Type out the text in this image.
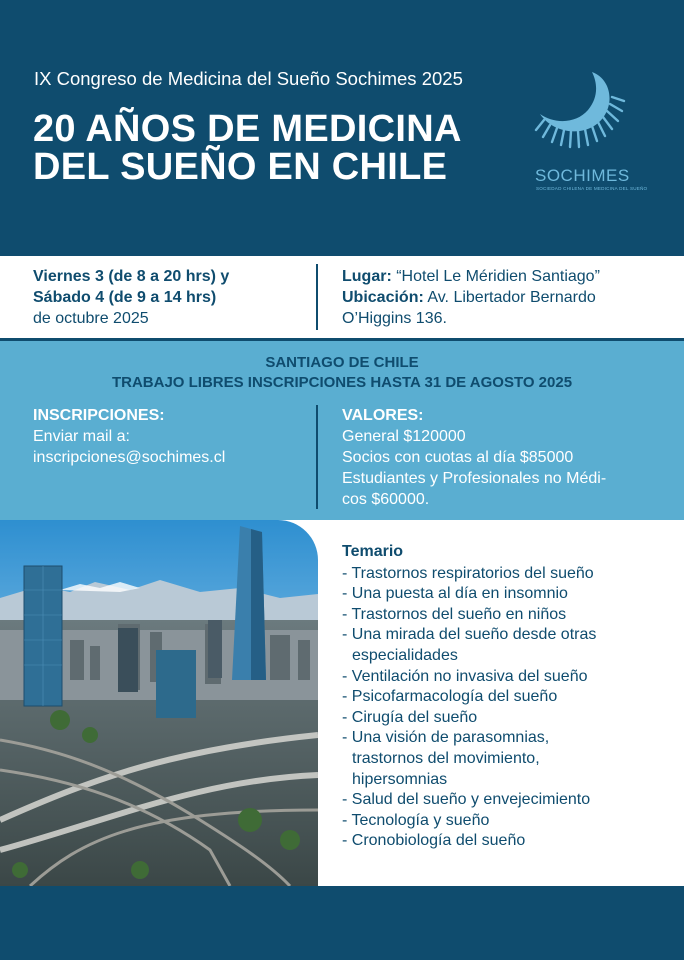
IX Congreso de Medicina del Sueño Sochimes 2025
20 AÑOS DE MEDICINA
DEL SUEÑO EN CHILE	SOCHIMES
SOCIEDAD CHILENA DE MEDICINA DEL SUEÑO
Viernes 3 (de 8 a 20 hrs) y
Sábado 4 (de 9 a 14 hrs)
de octubre 2025
Lugar: “Hotel Le Méridien Santiago”
Ubicación: Av. Libertador Bernardo
O’Higgins 136.
SANTIAGO DE CHILE
TRABAJO LIBRES INSCRIPCIONES HASTA 31 DE AGOSTO 2025
INSCRIPCIONES:
Enviar mail a:
inscripciones@sochimes.cl
VALORES:
General $120000
Socios con cuotas al día $85000
Estudiantes y Profesionales no Médi-
cos $60000.
Temario
- Trastornos respiratorios del sueño
- Una puesta al día en insomnio
- Trastornos del sueño en niños
- Una mirada del sueño desde otras
especialidades
- Ventilación no invasiva del sueño
- Psicofarmacología del sueño
- Cirugía del sueño
- Una visión de parasomnias,
trastornos del movimiento,
hipersomnias
- Salud del sueño y envejecimiento
- Tecnología y sueño
- Cronobiología del sueño
